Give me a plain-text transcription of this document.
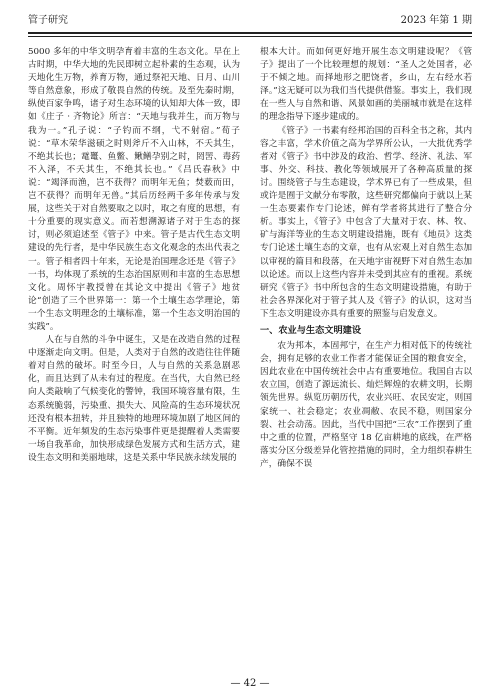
管子研究	2023 年第 1 期

5000 多年的中华文明孕育着丰富的生态文化。早在上古时期，中华大地的先民即树立起朴素的生态观，认为天地化生万物，养育万物，通过祭祀天地、日月、山川等自然意象，形成了敬畏自然的传统。及至先秦时期，纵使百家争鸣，诸子对生态环境的认知却大体一致，即如《庄子 · 齐物论》所言：“天地与我并生，而万物与我为一。”孔子说：“子钓而不纲，弋不射宿。”荀子说：“草木荣华滋硕之时则斧斤不入山林，不夭其生，不绝其长也；鼋鼍、鱼鳖、鳅鳝孕别之时，罔罟、毒药不入泽，不夭其生，不绝其长也。”《吕氏春秋》中说：“竭泽而渔，岂不获得？而明年无鱼；焚薮而田，岂不获得？而明年无兽。”其后历经两千多年传承与发展，这些关于对自然要取之以时，取之有度的思想，有十分重要的现实意义。而若想溯源诸子对于生态的探讨，则必须追述至《管子》中来。管子是古代生态文明建设的先行者，是中华民族生态文化观念的杰出代表之一。管子相者四十年来，无论是治国理念还是《管子》一书，均体现了系统的生态治国原则和丰富的生态思想文化。周怀宇教授曾在其论文中提出《管子》地贫论“创造了三个世界第一：第一个土壤生态学理论，第一个生态文明理念的土壤标准，第一个生态文明治国的实践”。

人在与自然的斗争中诞生，又是在改造自然的过程中逐渐走向文明。但是，人类对于自然的改造往往伴随着对自然的破坏。时至今日，人与自然的关系急剧恶化，而且达到了从未有过的程度。在当代，大自然已经向人类敲响了气候变化的警钟，我国环境容量有限，生态系统脆弱，污染重、损失大、风险高的生态环境状况还没有根本扭转，并且独特的地理环境加剧了地区间的不平衡。近年频发的生态污染事件更是提醒着人类需要一场自我革命，加快形成绿色发展方式和生活方式，建设生态文明和美丽地球，这是关系中华民族永续发展的

根本大计。而如何更好地开展生态文明建设呢？《管子》提出了一个比较理想的规划：“圣人之处国者，必于不倾之地。而择地形之肥饶者，乡山，左右经水若泽。”这无疑可以为我们当代提供借鉴。事实上，我们现在一些人与自然和谐、风景如画的美丽城市就是在这样的理念指导下逐步建成的。

《管子》一书素有经邦治国的百科全书之称，其内容之丰富，学术价值之高为学界所公认，一大批优秀学者对《管子》书中涉及的政治、哲学、经济、礼法、军事、外交、科技、教化等领域展开了各种高质量的探讨。围绕管子与生态建设，学术界已有了一些成果，但或许是囿于文献分布零散，这些研究都偏向于就以上某一生态要素作专门论述，鲜有学者将其进行了整合分析。事实上，《管子》中包含了大量对于农、林、牧、矿与海洋等业的生态文明建设措施，既有《地员》这类专门论述土壤生态的文章，也有从宏观上对自然生态加以审视的篇目和段落，在天地宇宙视野下对自然生态加以论述。而以上这些内容并未受到其应有的重视。系统研究《管子》书中所包含的生态文明建设措施，有助于社会各界深化对于管子其人及《管子》的认识，这对当下生态文明建设亦具有重要的照鉴与启发意义。

一、农业与生态文明建设

农为邦本，本固邦宁，在生产力相对低下的传统社会，拥有足够的农业工作者才能保证全国的粮食安全，因此农业在中国传统社会中占有重要地位。我国自古以农立国，创造了源远流长、灿烂辉煌的农耕文明，长期领先世界。纵览历朝历代，农业兴旺、农民安定，则国家统一、社会稳定；农业凋敝、农民不稳，则国家分裂、社会动荡。因此，当代中国把“三农”工作摆到了重中之重的位置，严格坚守 18 亿亩耕地的底线，在严格落实分区分级差异化管控措施的同时，全力组织春耕生产，确保不误

— 42 —
